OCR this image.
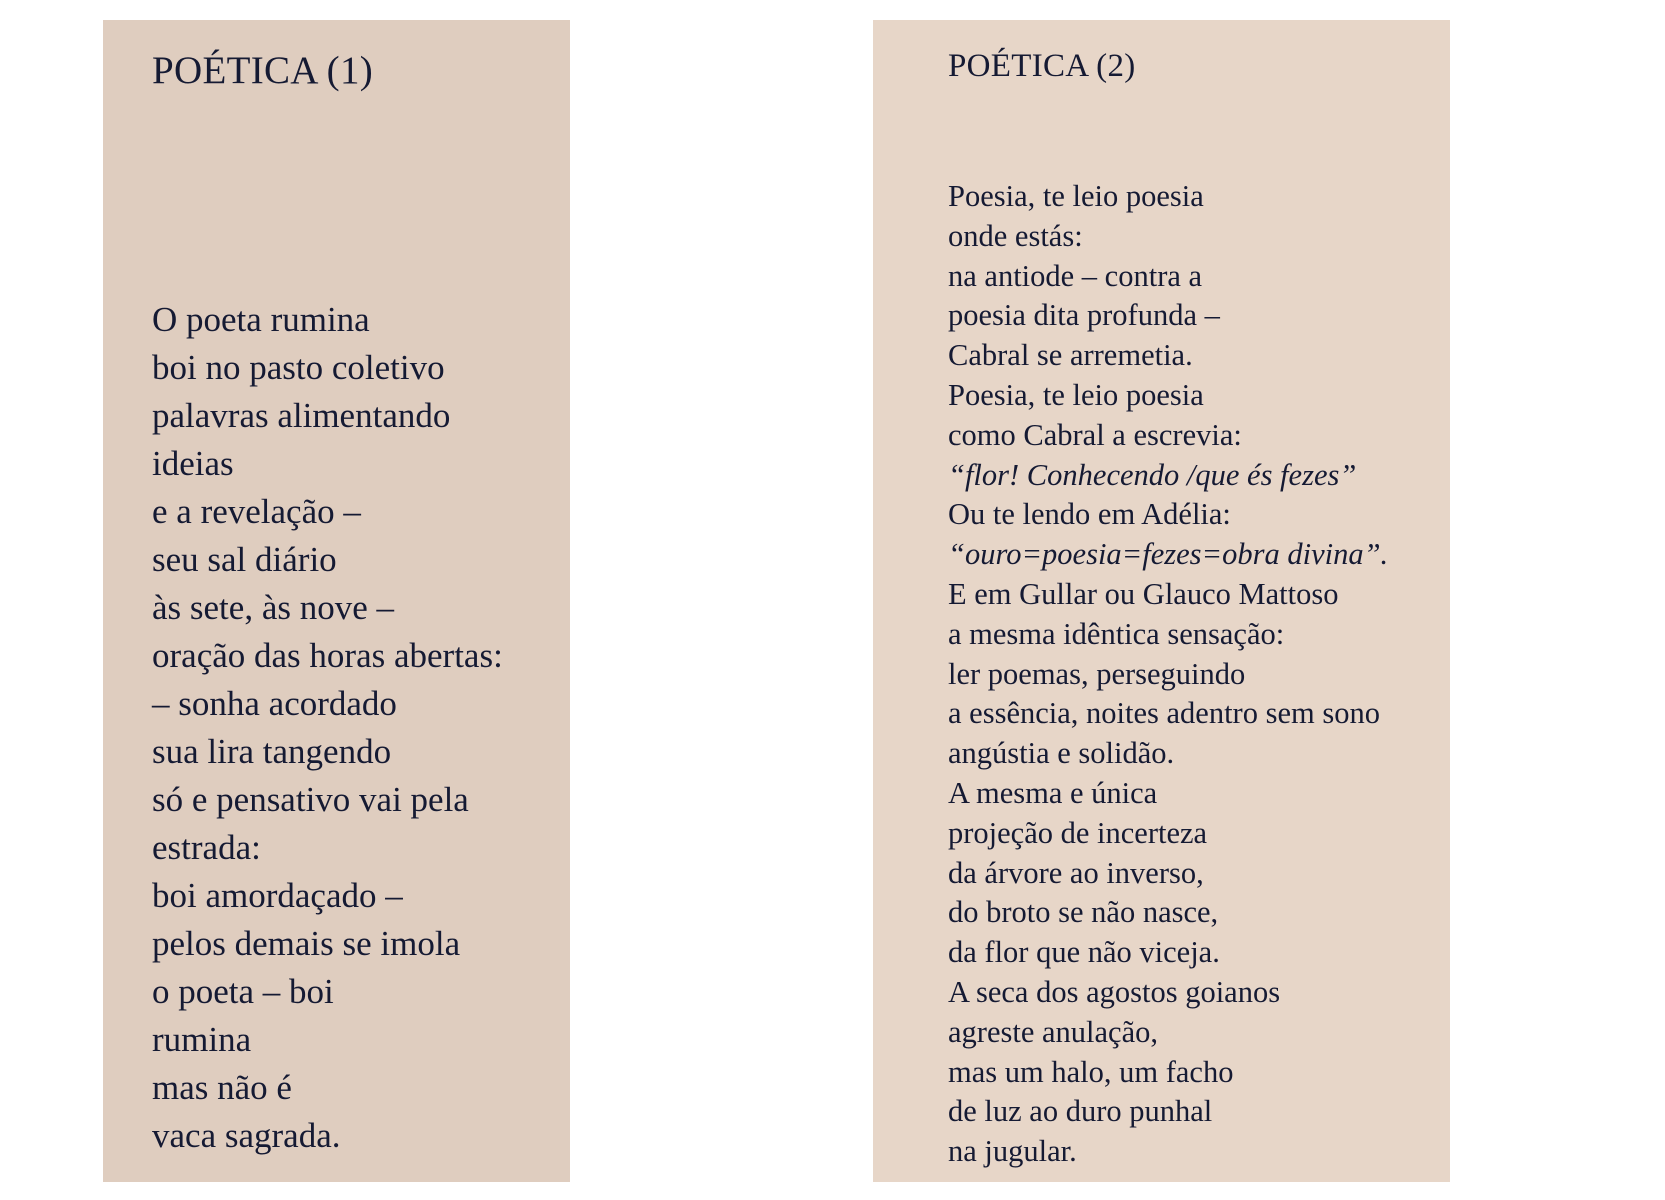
POÉTICA (1)
O poeta rumina
boi no pasto coletivo
palavras alimentando
ideias
e a revelação –
seu sal diário
às sete, às nove –
oração das horas abertas:
– sonha acordado
sua lira tangendo
só e pensativo vai pela
estrada:
boi amordaçado –
pelos demais se imola
o poeta – boi
rumina
mas não é
vaca sagrada.
POÉTICA (2)
Poesia, te leio poesia
onde estás:
na antiode – contra a
poesia dita profunda –
Cabral se arremetia.
Poesia, te leio poesia
como Cabral a escrevia:
“flor! Conhecendo /que és fezes”
Ou te lendo em Adélia:
“ouro=poesia=fezes=obra divina”.
E em Gullar ou Glauco Mattoso
a mesma idêntica sensação:
ler poemas, perseguindo
a essência, noites adentro sem sono
angústia e solidão.
A mesma e única
projeção de incerteza
da árvore ao inverso,
do broto se não nasce,
da flor que não viceja.
A seca dos agostos goianos
agreste anulação,
mas um halo, um facho
de luz ao duro punhal
na jugular.
